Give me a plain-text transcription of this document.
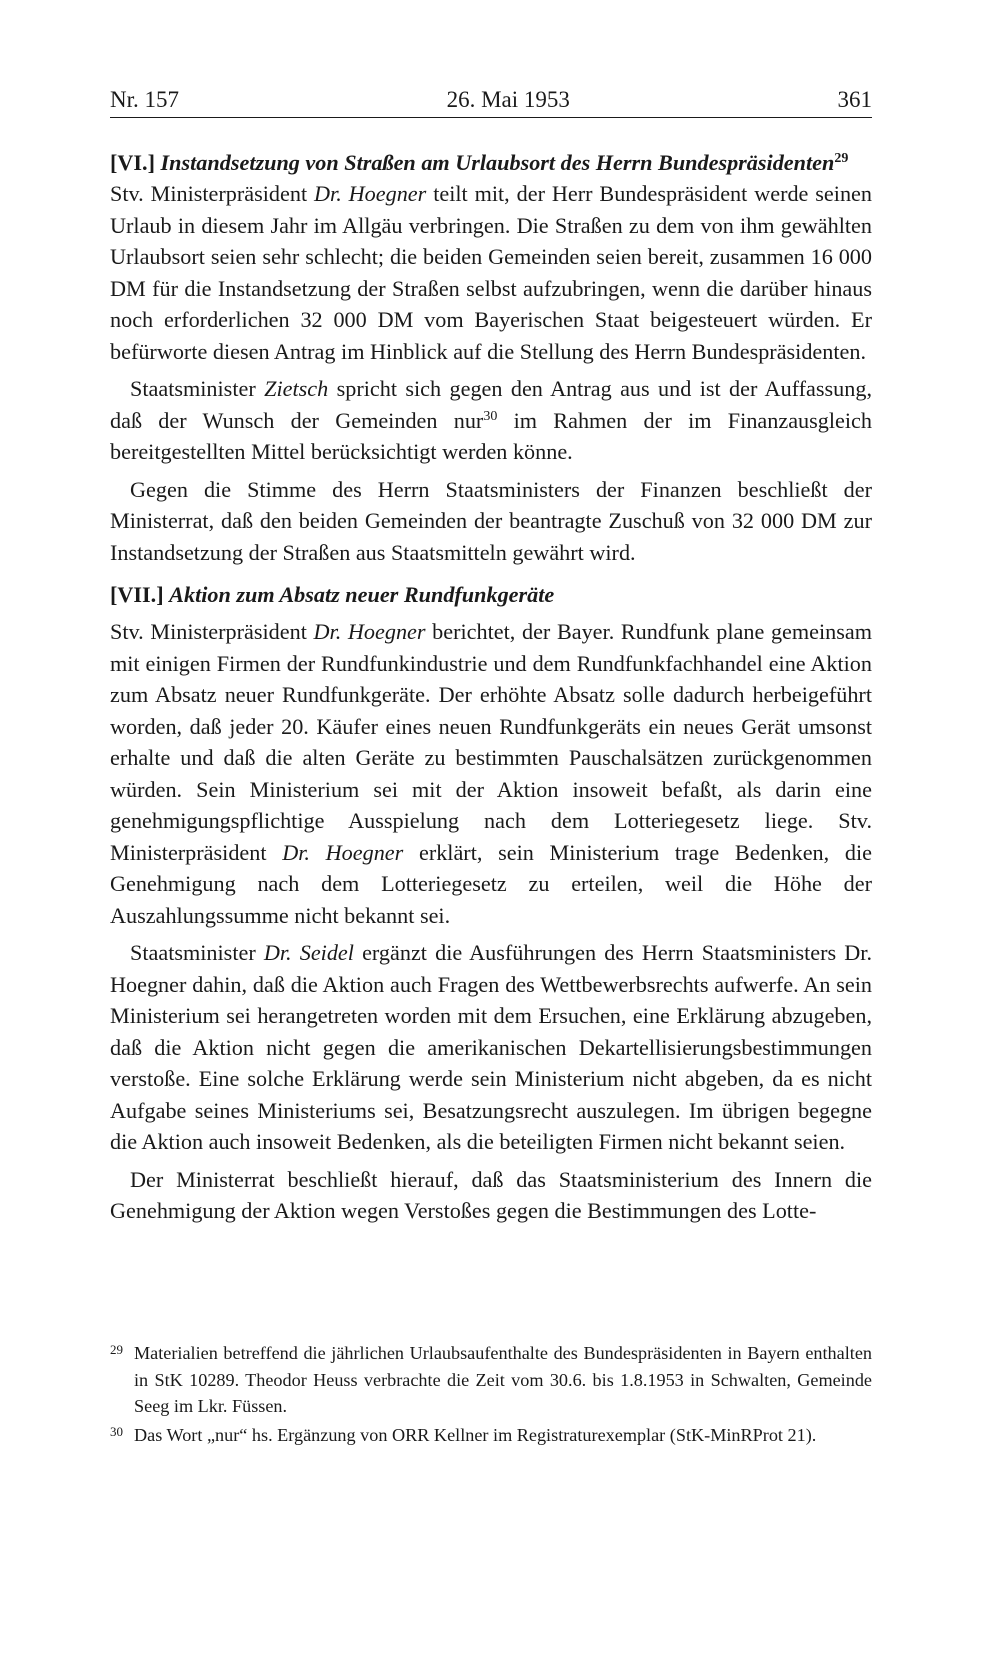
Nr. 157	26. Mai 1953	361
[VI.] Instandsetzung von Straßen am Urlaubsort des Herrn Bundespräsidenten$^{29}$

Stv. Ministerpräsident Dr. Hoegner teilt mit, der Herr Bundespräsident werde seinen Urlaub in diesem Jahr im Allgäu verbringen. Die Straßen zu dem von ihm gewählten Urlaubsort seien sehr schlecht; die beiden Gemeinden seien bereit, zusammen 16 000 DM für die Instandsetzung der Straßen selbst aufzubringen, wenn die darüber hinaus noch erforderlichen 32 000 DM vom Bayerischen Staat beigesteuert würden. Er befürworte diesen Antrag im Hinblick auf die Stellung des Herrn Bundespräsidenten.

Staatsminister Zietsch spricht sich gegen den Antrag aus und ist der Auffassung, daß der Wunsch der Gemeinden nur$^{30}$ im Rahmen der im Finanzausgleich bereitgestellten Mittel berücksichtigt werden könne.

Gegen die Stimme des Herrn Staatsministers der Finanzen beschließt der Ministerrat, daß den beiden Gemeinden der beantragte Zuschuß von 32 000 DM zur Instandsetzung der Straßen aus Staatsmitteln gewährt wird.

[VII.] Aktion zum Absatz neuer Rundfunkgeräte

Stv. Ministerpräsident Dr. Hoegner berichtet, der Bayer. Rundfunk plane gemeinsam mit einigen Firmen der Rundfunkindustrie und dem Rundfunkfachhandel eine Aktion zum Absatz neuer Rundfunkgeräte. Der erhöhte Absatz solle dadurch herbeigeführt worden, daß jeder 20. Käufer eines neuen Rundfunkgeräts ein neues Gerät umsonst erhalte und daß die alten Geräte zu bestimmten Pauschalsätzen zurückgenommen würden. Sein Ministerium sei mit der Aktion insoweit befaßt, als darin eine genehmigungspflichtige Ausspielung nach dem Lotteriegesetz liege. Stv. Ministerpräsident Dr. Hoegner erklärt, sein Ministerium trage Bedenken, die Genehmigung nach dem Lotteriegesetz zu erteilen, weil die Höhe der Auszahlungssumme nicht bekannt sei.

Staatsminister Dr. Seidel ergänzt die Ausführungen des Herrn Staatsministers Dr. Hoegner dahin, daß die Aktion auch Fragen des Wettbewerbsrechts aufwerfe. An sein Ministerium sei herangetreten worden mit dem Ersuchen, eine Erklärung abzugeben, daß die Aktion nicht gegen die amerikanischen Dekartellisierungsbestimmungen verstoße. Eine solche Erklärung werde sein Ministerium nicht abgeben, da es nicht Aufgabe seines Ministeriums sei, Besatzungsrecht auszulegen. Im übrigen begegne die Aktion auch insoweit Bedenken, als die beteiligten Firmen nicht bekannt seien.

Der Ministerrat beschließt hierauf, daß das Staatsministerium des Innern die Genehmigung der Aktion wegen Verstoßes gegen die Bestimmungen des Lotte-

29 Materialien betreffend die jährlichen Urlaubsaufenthalte des Bundespräsidenten in Bayern enthalten in StK 10289. Theodor Heuss verbrachte die Zeit vom 30.6. bis 1.8.1953 in Schwalten, Gemeinde Seeg im Lkr. Füssen.
30 Das Wort „nur“ hs. Ergänzung von ORR Kellner im Registraturexemplar (StK-MinRProt 21).
